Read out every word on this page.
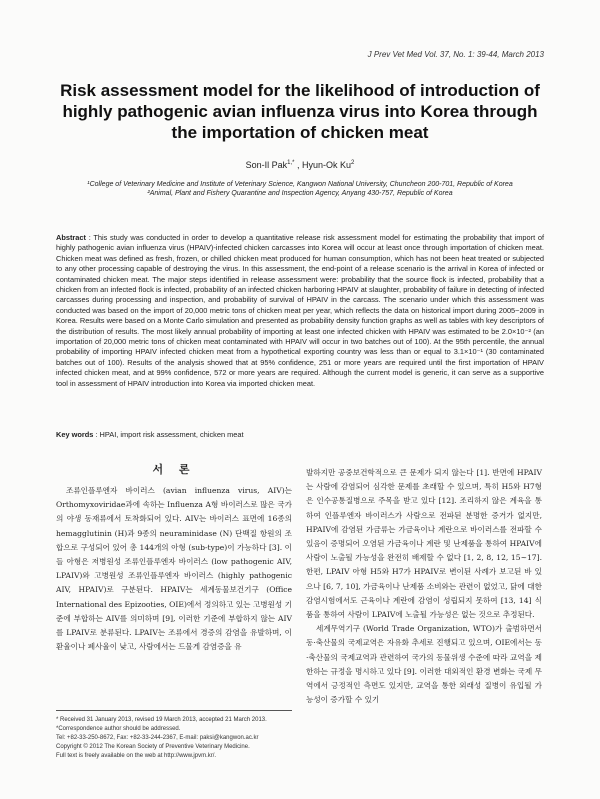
J Prev Vet Med Vol. 37, No. 1: 39-44, March 2013
Risk assessment model for the likelihood of introduction of highly pathogenic avian influenza virus into Korea through the importation of chicken meat
Son-Il Pak$^{1,*}$ , Hyun-Ok Ku$^2$

¹College of Veterinary Medicine and Institute of Veterinary Science, Kangwon National University, Chuncheon 200-701, Republic of Korea

²Animal, Plant and Fishery Quarantine and Inspection Agency, Anyang 430-757, Republic of Korea

Abstract : This study was conducted in order to develop a quantitative release risk assessment model for estimating the probability that import of highly pathogenic avian influenza virus (HPAIV)-infected chicken carcasses into Korea will occur at least once through importation of chicken meat. Chicken meat was defined as fresh, frozen, or chilled chicken meat produced for human consumption, which has not been heat treated or subjected to any other processing capable of destroying the virus. In this assessment, the end-point of a release scenario is the arrival in Korea of infected or contaminated chicken meat. The major steps identified in release assessment were: probability that the source flock is infected, probability that a chicken from an infected flock is infected, probability of an infected chicken harboring HPAIV at slaughter, probability of failure in detecting of infected carcasses during processing and inspection, and probability of survival of HPAIV in the carcass. The scenario under which this assessment was conducted was based on the import of 20,000 metric tons of chicken meat per year, which reflects the data on historical import during 2005~2009 in Korea. Results were based on a Monte Carlo simulation and presented as probability density function graphs as well as tables with key descriptors of the distribution of results. The most likely annual probability of importing at least one infected chicken with HPAIV was estimated to be 2.0×10⁻² (an importation of 20,000 metric tons of chicken meat contaminated with HPAIV will occur in two batches out of 100). At the 95th percentile, the annual probability of importing HPAIV infected chicken meat from a hypothetical exporting country was less than or equal to 3.1×10⁻¹ (30 contaminated batches out of 100). Results of the analysis showed that at 95% confidence, 251 or more years are required until the first importation of HPAIV infected chicken meat, and at 99% confidence, 572 or more years are required. Although the current model is generic, it can serve as a supportive tool in assessment of HPAIV introduction into Korea via imported chicken meat.
Key words : HPAI, import risk assessment, chicken meat
서 론

조류인플루엔자 바이러스 (avian influenza virus, AIV)는 Orthomyxoviridae과에 속하는 Influenza A형 바이러스로 많은 국가의 야생 동재류에서 토착화되어 있다. AIV는 바이러스 표면에 16종의 hemagglutinin (H)과 9종의 neuraminidase (N) 단백질 항원의 조합으로 구성되어 있어 총 144개의 아형 (sub-type)이 가능하다 [3]. 이들 아형은 저병원성 조류인플루엔자 바이러스 (low pathogenic AIV, LPAIV)와 고병원성 조류인플루엔자 바이러스 (highly pathogenic AIV, HPAIV)로 구분된다. HPAIV는 세계동물보건기구 (Office International des Epizooties, OIE)에서 정의하고 있는 고병원성 기준에 부합하는 AIV를 의미하며 [9], 이러한 기준에 부합하지 않는 AIV를 LPAIV로 분류된다. LPAIV는 조류에서 경증의 감염을 유발하며, 이환율이나 폐사율이 낮고, 사람에서는 드물게 감염증을 유

발하지만 공중보건학적으로 큰 문제가 되지 않는다 [1]. 반면에 HPAIV는 사람에 감염되어 심각한 문제를 초래할 수 있으며, 특히 H5와 H7형은 인수공통질병으로 주목을 받고 있다 [12]. 조리하지 않은 계육을 통하여 인플루엔자 바이러스가 사람으로 전파된 분명한 증거가 없지만, HPAIV에 감염된 가금류는 가금육이나 계란으로 바이러스를 전파할 수 있음이 증명되어 오염된 가금육이나 계란 및 난제품을 통하여 HPAIV에 사람이 노출될 가능성을 완전히 배제할 수 없다 [1, 2, 8, 12, 15~17]. 한편, LPAIV 아형 H5와 H7가 HPAIV로 변이된 사례가 보고된 바 있으나 [6, 7, 10], 가금육이나 난제품 소비와는 관련이 없었고, 닭에 대한 감염시험에서도 근육이나 계란에 감염이 성립되지 못하여 [13, 14] 식품을 통하여 사람이 LPAIV에 노출될 가능성은 없는 것으로 추정된다.

세계무역기구 (World Trade Organization, WTO)가 출범하면서 동·축산물의 국제교역은 자유화 추세로 진행되고 있으며, OIE에서는 동·축산물의 국제교역과 관련하여 국가의 동물위생 수준에 따라 교역을 제한하는 규정을 명시하고 있다 [9]. 이러한 대외적인 환경 변화는 국제 무역에서 긍정적인 측면도 있지만, 교역을 통한 외래성 질병이 유입될 가능성이 증가할 수 있기

* Received 31 January 2013, revised 19 March 2013, accepted 21 March 2013.

*Correspondence author should be addressed.

Tel: +82-33-250-8672, Fax: +82-33-244-2367, E-mail: paksi@kangwon.ac.kr

Copyright © 2012 The Korean Society of Preventive Veterinary Medicine.

Full text is freely available on the web at http://www.jpvm.kr/.
